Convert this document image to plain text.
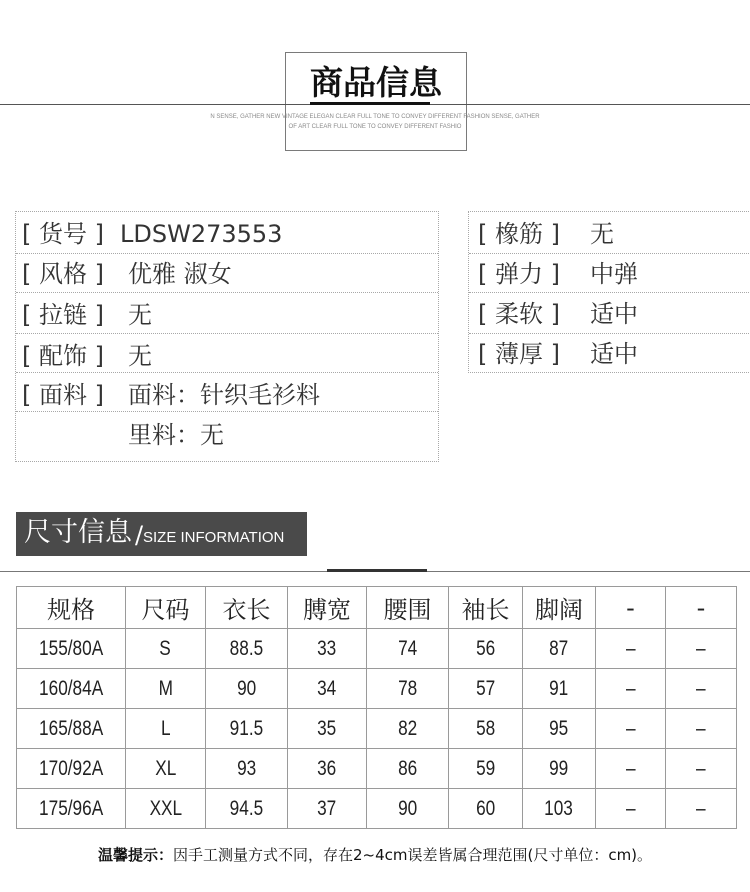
商品信息
N SENSE, GATHER NEW VINTAGE ELEGAN CLEAR FULL TONE TO CONVEY DIFFERENT FASHION SENSE, GATHER
OF ART CLEAR FULL TONE TO CONVEY DIFFERENT FASHIO
[ 货号 ] LDSW273553
[ 风格 ] 优雅 淑女
[ 拉链 ] 无
[ 配饰 ] 无
[ 面料 ] 面料：针织毛衫料
里料：无
[ 橡筋 ] 无
[ 弹力 ] 中弹
[ 柔软 ] 适中
[ 薄厚 ] 适中
尺寸信息 / SIZE INFORMATION
规格	尺码	衣长	膊宽	腰围	袖长	脚阔	-	-
155/80A	S	88.5	33	74	56	87	–	–
160/84A	M	90	34	78	57	91	–	–
165/88A	L	91.5	35	82	58	95	–	–
170/92A	XL	93	36	86	59	99	–	–
175/96A	XXL	94.5	37	90	60	103	–	–
温馨提示：因手工测量方式不同，存在2~4cm误差皆属合理范围(尺寸单位：cm)。
